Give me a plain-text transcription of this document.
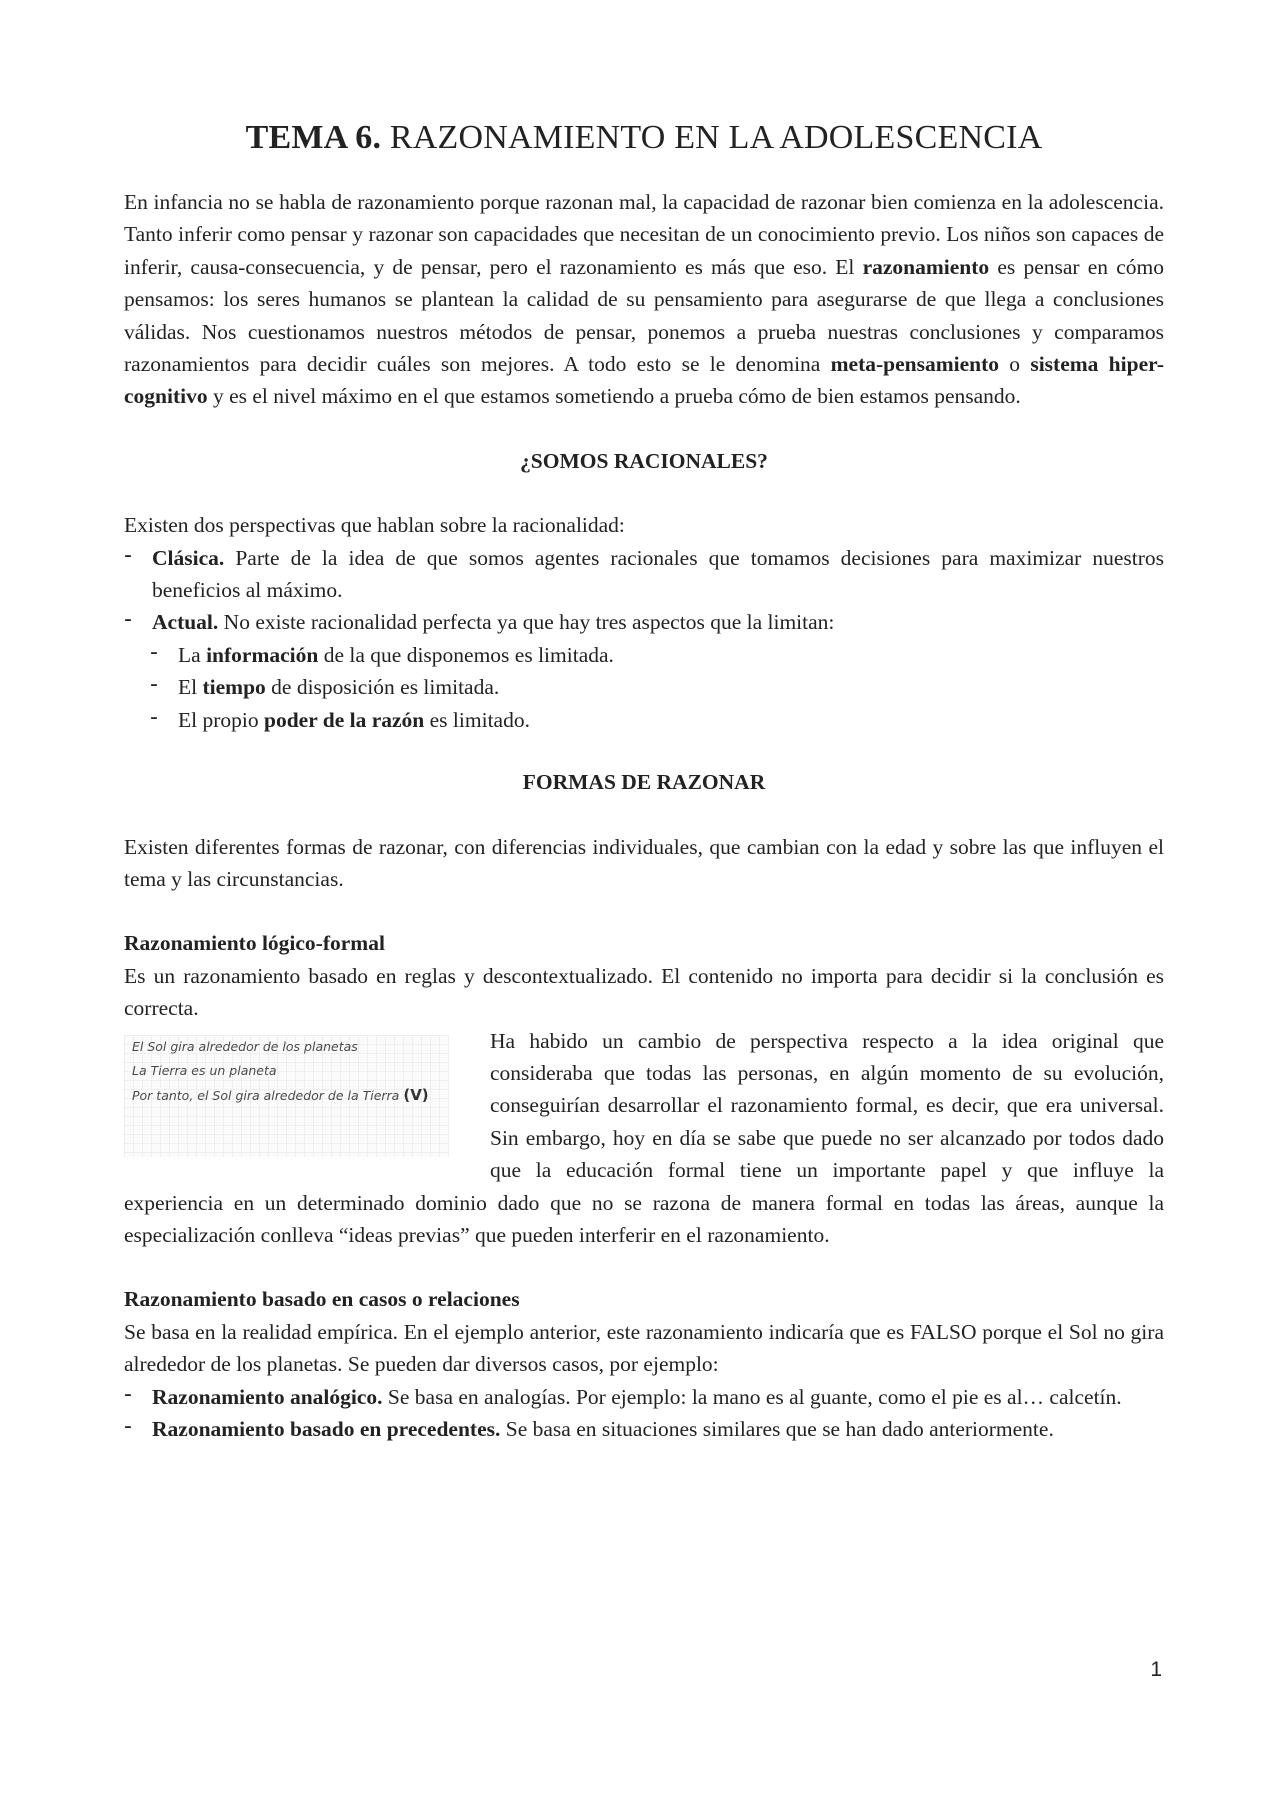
TEMA 6. RAZONAMIENTO EN LA ADOLESCENCIA

En infancia no se habla de razonamiento porque razonan mal, la capacidad de razonar bien comienza en la adolescencia. Tanto inferir como pensar y razonar son capacidades que necesitan de un conocimiento previo. Los niños son capaces de inferir, causa-consecuencia, y de pensar, pero el razonamiento es más que eso. El razonamiento es pensar en cómo pensamos: los seres humanos se plantean la calidad de su pensamiento para asegurarse de que llega a conclusiones válidas. Nos cuestionamos nuestros métodos de pensar, ponemos a prueba nuestras conclusiones y comparamos razonamientos para decidir cuáles son mejores. A todo esto se le denomina meta-pensamiento o sistema hiper-cognitivo y es el nivel máximo en el que estamos sometiendo a prueba cómo de bien estamos pensando.

¿SOMOS RACIONALES?

Existen dos perspectivas que hablan sobre la racionalidad:

- Clásica. Parte de la idea de que somos agentes racionales que tomamos decisiones para maximizar nuestros beneficios al máximo.
- Actual. No existe racionalidad perfecta ya que hay tres aspectos que la limitan:
- La información de la que disponemos es limitada.
- El tiempo de disposición es limitada.
- El propio poder de la razón es limitado.

FORMAS DE RAZONAR

Existen diferentes formas de razonar, con diferencias individuales, que cambian con la edad y sobre las que influyen el tema y las circunstancias.

Razonamiento lógico-formal

Es un razonamiento basado en reglas y descontextualizado. El contenido no importa para decidir si la conclusión es correcta.

El Sol gira alrededor de los planetas
La Tierra es un planeta
Por tanto, el Sol gira alrededor de la Tierra (V)

Ha habido un cambio de perspectiva respecto a la idea original que consideraba que todas las personas, en algún momento de su evolución, conseguirían desarrollar el razonamiento formal, es decir, que era universal. Sin embargo, hoy en día se sabe que puede no ser alcanzado por todos dado que la educación formal tiene un importante papel y que influye la experiencia en un determinado dominio dado que no se razona de manera formal en todas las áreas, aunque la especialización conlleva “ideas previas” que pueden interferir en el razonamiento.

Razonamiento basado en casos o relaciones

Se basa en la realidad empírica. En el ejemplo anterior, este razonamiento indicaría que es FALSO porque el Sol no gira alrededor de los planetas. Se pueden dar diversos casos, por ejemplo:

- Razonamiento analógico. Se basa en analogías. Por ejemplo: la mano es al guante, como el pie es al… calcetín.
- Razonamiento basado en precedentes. Se basa en situaciones similares que se han dado anteriormente.
1
